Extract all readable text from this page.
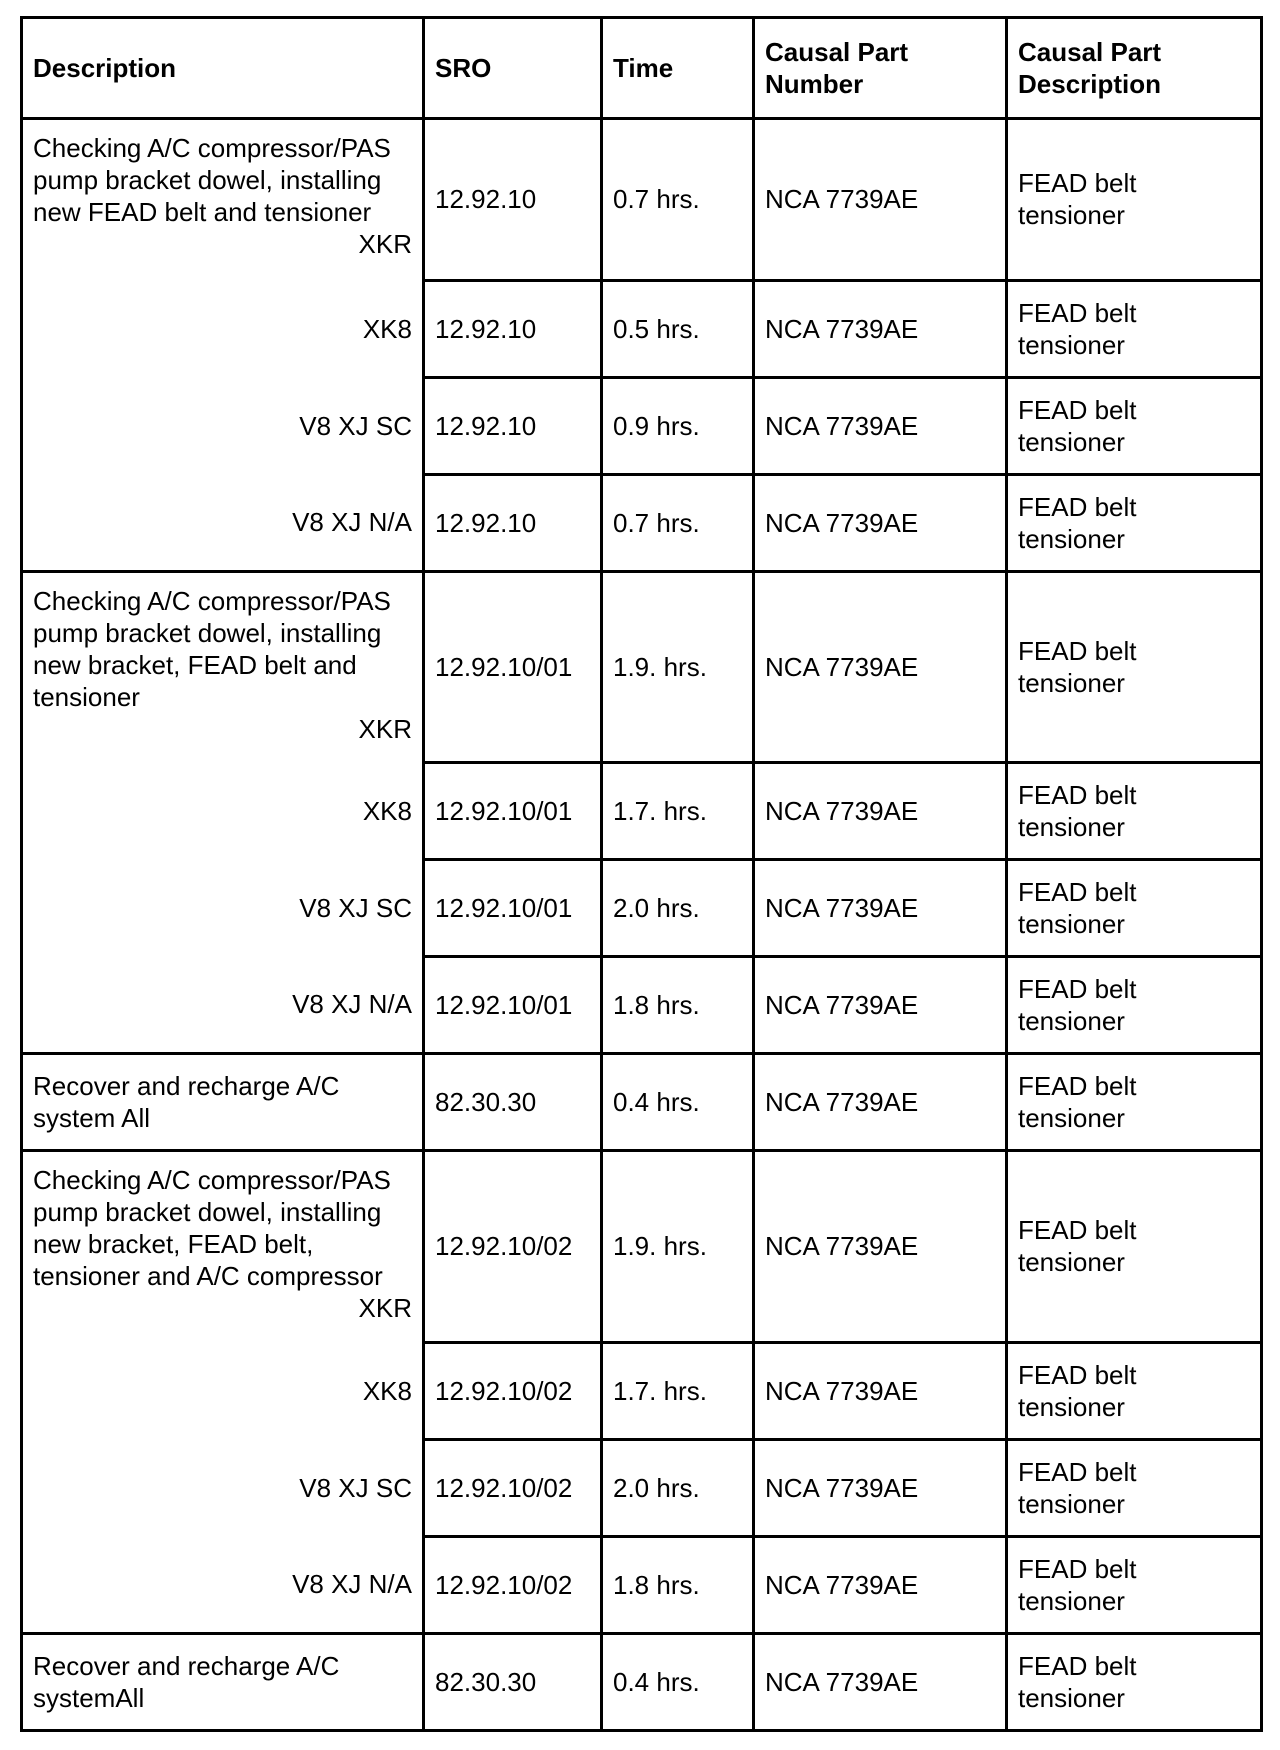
Description	SRO	Time	Causal Part Number	Causal Part Description
Checking A/C compressor/PAS pump bracket dowel, installing new FEAD belt and tensioner
XKR	12.92.10	0.7 hrs.	NCA 7739AE	FEAD belt tensioner
XK8	12.92.10	0.5 hrs.	NCA 7739AE	FEAD belt tensioner
V8 XJ SC	12.92.10	0.9 hrs.	NCA 7739AE	FEAD belt tensioner
V8 XJ N/A	12.92.10	0.7 hrs.	NCA 7739AE	FEAD belt tensioner
Checking A/C compressor/PAS pump bracket dowel, installing new bracket, FEAD belt and tensioner
XKR	12.92.10/01	1.9. hrs.	NCA 7739AE	FEAD belt tensioner
XK8	12.92.10/01	1.7. hrs.	NCA 7739AE	FEAD belt tensioner
V8 XJ SC	12.92.10/01	2.0 hrs.	NCA 7739AE	FEAD belt tensioner
V8 XJ N/A	12.92.10/01	1.8 hrs.	NCA 7739AE	FEAD belt tensioner
Recover and recharge A/C system All	82.30.30	0.4 hrs.	NCA 7739AE	FEAD belt tensioner
Checking A/C compressor/PAS pump bracket dowel, installing new bracket, FEAD belt, tensioner and A/C compressor
XKR	12.92.10/02	1.9. hrs.	NCA 7739AE	FEAD belt tensioner
XK8	12.92.10/02	1.7. hrs.	NCA 7739AE	FEAD belt tensioner
V8 XJ SC	12.92.10/02	2.0 hrs.	NCA 7739AE	FEAD belt tensioner
V8 XJ N/A	12.92.10/02	1.8 hrs.	NCA 7739AE	FEAD belt tensioner
Recover and recharge A/C systemAll	82.30.30	0.4 hrs.	NCA 7739AE	FEAD belt tensioner
